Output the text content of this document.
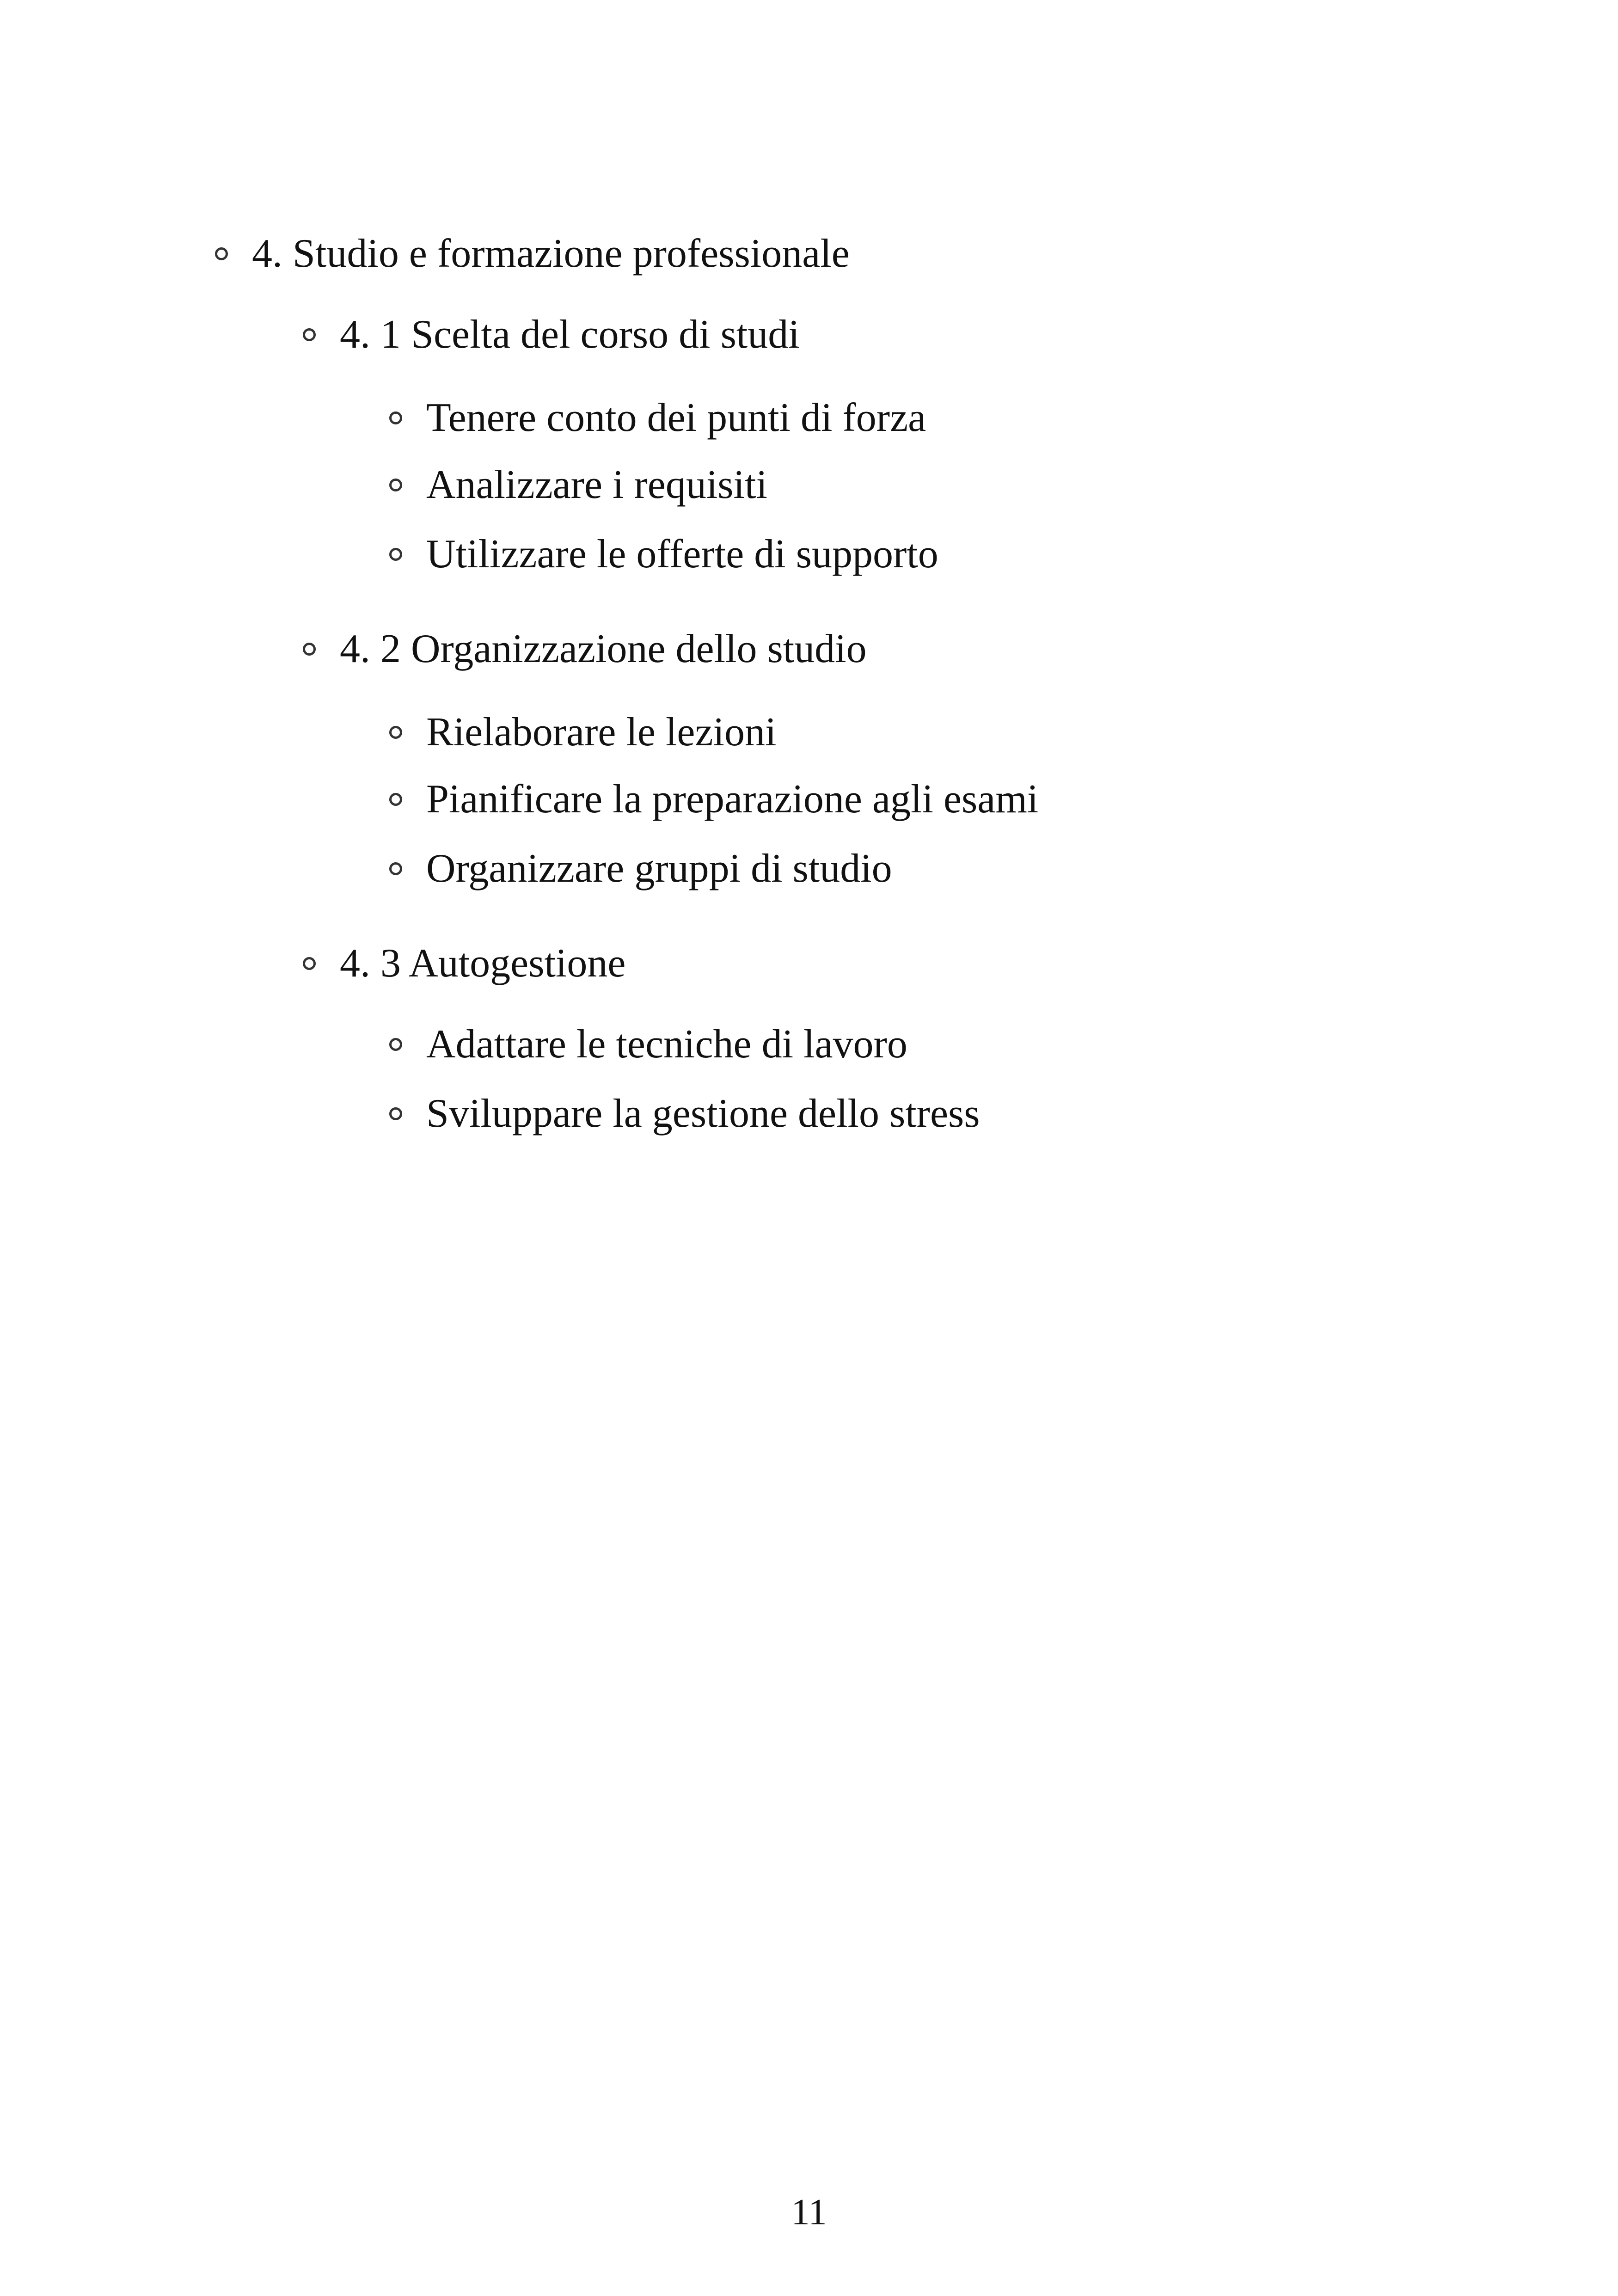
4. Studio e formazione professionale
4. 1 Scelta del corso di studi
Tenere conto dei punti di forza
Analizzare i requisiti
Utilizzare le offerte di supporto
4. 2 Organizzazione dello studio
Rielaborare le lezioni
Pianificare la preparazione agli esami
Organizzare gruppi di studio
4. 3 Autogestione
Adattare le tecniche di lavoro
Sviluppare la gestione dello stress
11
